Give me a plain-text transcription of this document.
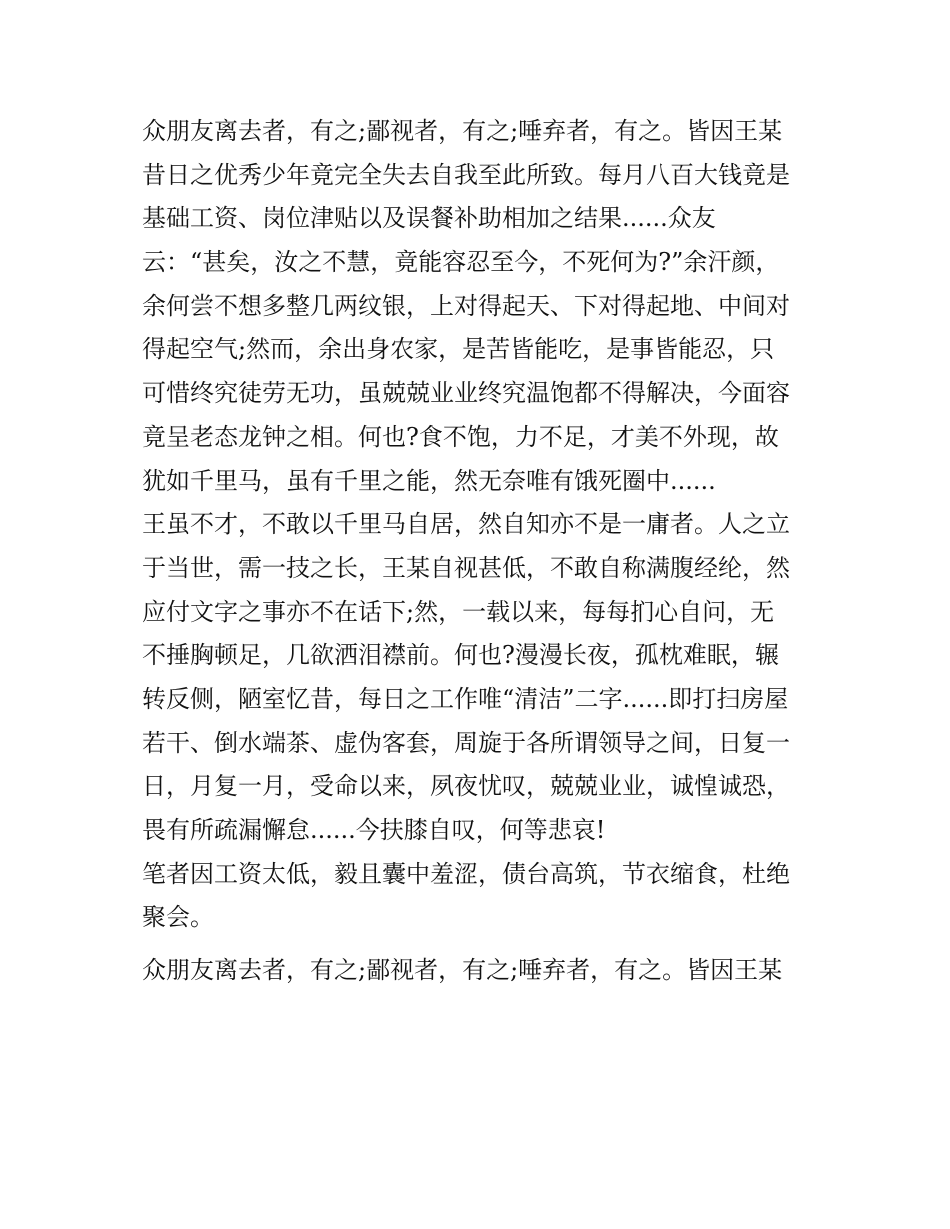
众朋友离去者，有之;鄙视者，有之;唾弃者，有之。皆因王某
昔日之优秀少年竟完全失去自我至此所致。每月八百大钱竟是
基础工资、岗位津贴以及误餐补助相加之结果......众友
云：“甚矣，汝之不慧，竟能容忍至今，不死何为?”余汗颜，
余何尝不想多整几两纹银，上对得起天、下对得起地、中间对
得起空气;然而，余出身农家，是苦皆能吃，是事皆能忍，只
可惜终究徒劳无功，虽兢兢业业终究温饱都不得解决，今面容
竟呈老态龙钟之相。何也?食不饱，力不足，才美不外现，故
犹如千里马，虽有千里之能，然无奈唯有饿死圈中......
王虽不才，不敢以千里马自居，然自知亦不是一庸者。人之立
于当世，需一技之长，王某自视甚低，不敢自称满腹经纶，然
应付文字之事亦不在话下;然，一载以来，每每扪心自问，无
不捶胸顿足，几欲洒泪襟前。何也?漫漫长夜，孤枕难眠，辗
转反侧，陋室忆昔，每日之工作唯“清洁”二字......即打扫房屋
若干、倒水端茶、虚伪客套，周旋于各所谓领导之间，日复一
日，月复一月，受命以来，夙夜忧叹，兢兢业业，诚惶诚恐，
畏有所疏漏懈怠......今扶膝自叹，何等悲哀!
笔者因工资太低，毅且囊中羞涩，债台高筑，节衣缩食，杜绝
聚会。
众朋友离去者，有之;鄙视者，有之;唾弃者，有之。皆因王某
